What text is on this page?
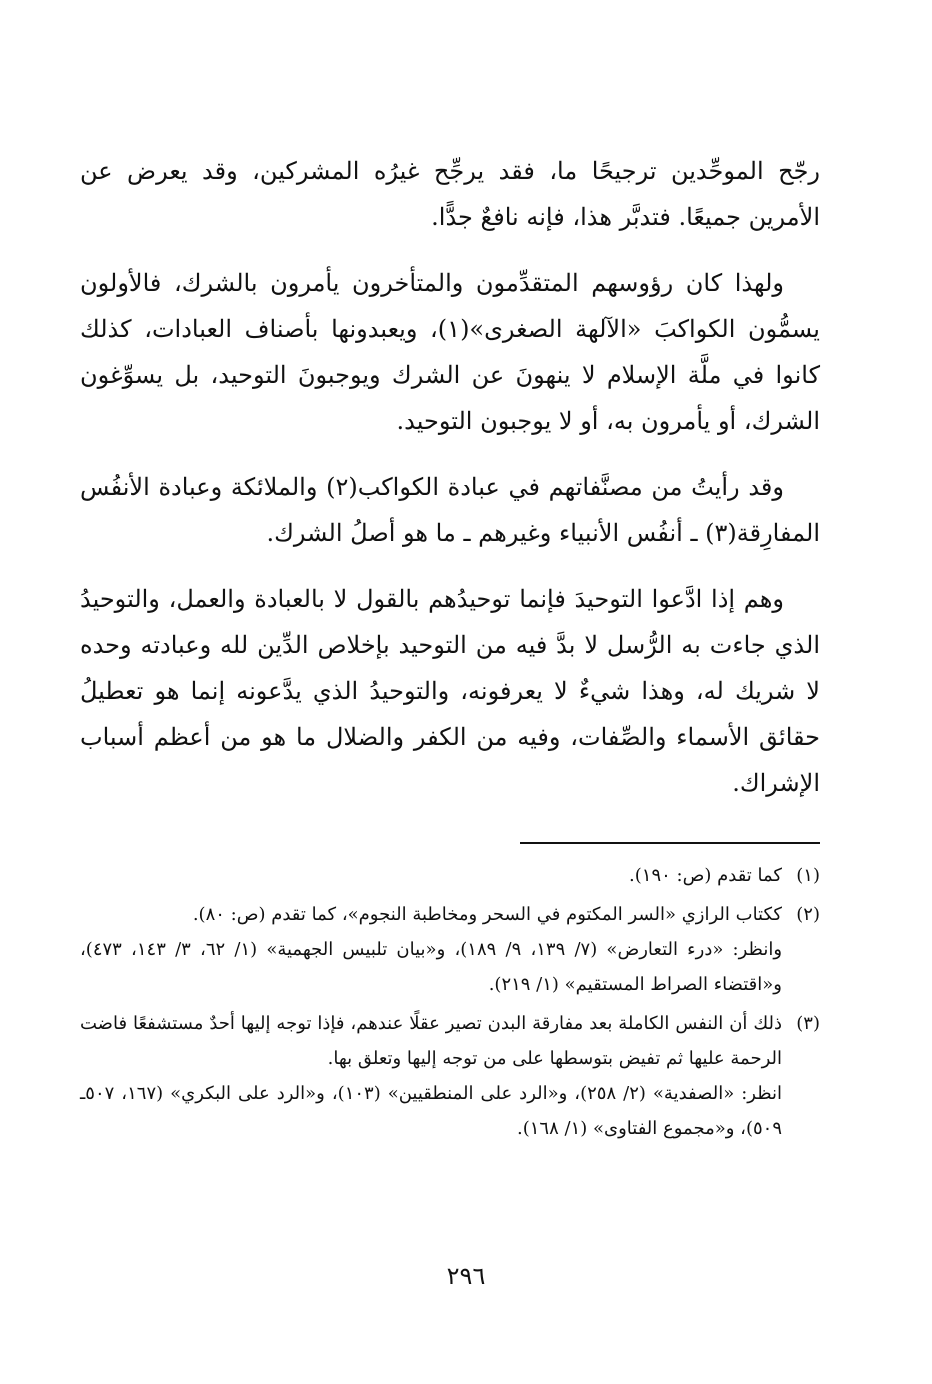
رجّح الموحِّدين ترجيحًا ما، فقد يرجِّح غيرُه المشركين، وقد يعرض عن الأمرين جميعًا. فتدبَّر هذا، فإنه نافعٌ جدًّا.

ولهذا كان رؤوسهم المتقدِّمون والمتأخرون يأمرون بالشرك، فالأولون يسمُّون الكواكبَ «الآلهة الصغرى»(١)، ويعبدونها بأصناف العبادات، كذلك كانوا في ملَّة الإسلام لا ينهونَ عن الشرك ويوجبونَ التوحيد، بل يسوِّغون الشرك، أو يأمرون به، أو لا يوجبون التوحيد.

وقد رأيتُ من مصنَّفاتهم في عبادة الكواكب(٢) والملائكة وعبادة الأنفُس المفارِقة(٣) ـ أنفُس الأنبياء وغيرهم ـ ما هو أصلُ الشرك.

وهم إذا ادَّعوا التوحيدَ فإنما توحيدُهم بالقول لا بالعبادة والعمل، والتوحيدُ الذي جاءت به الرُّسل لا بدَّ فيه من التوحيد بإخلاص الدِّين لله وعبادته وحده لا شريك له، وهذا شيءٌ لا يعرفونه، والتوحيدُ الذي يدَّعونه إنما هو تعطيلُ حقائق الأسماء والصِّفات، وفيه من الكفر والضلال ما هو من أعظم أسباب الإشراك.

(١)
كما تقدم (ص: ١٩٠).
(٢)
ككتاب الرازي «السر المكتوم في السحر ومخاطبة النجوم»، كما تقدم (ص: ٨٠).
وانظر: «درء التعارض» (٧/ ١٣٩، ٩/ ١٨٩)، و«بيان تلبيس الجهمية» (١/ ٦٢، ٣/ ١٤٣، ٤٧٣)، و«اقتضاء الصراط المستقيم» (١/ ٢١٩).
(٣)
ذلك أن النفس الكاملة بعد مفارقة البدن تصير عقلًا عندهم، فإذا توجه إليها أحدٌ مستشفعًا فاضت الرحمة عليها ثم تفيض بتوسطها على من توجه إليها وتعلق بها.
انظر: «الصفدية» (٢/ ٢٥٨)، و«الرد على المنطقيين» (١٠٣)، و«الرد على البكري» (١٦٧، ٥٠٧ـ ٥٠٩)، و«مجموع الفتاوى» (١/ ١٦٨).
٢٩٦
